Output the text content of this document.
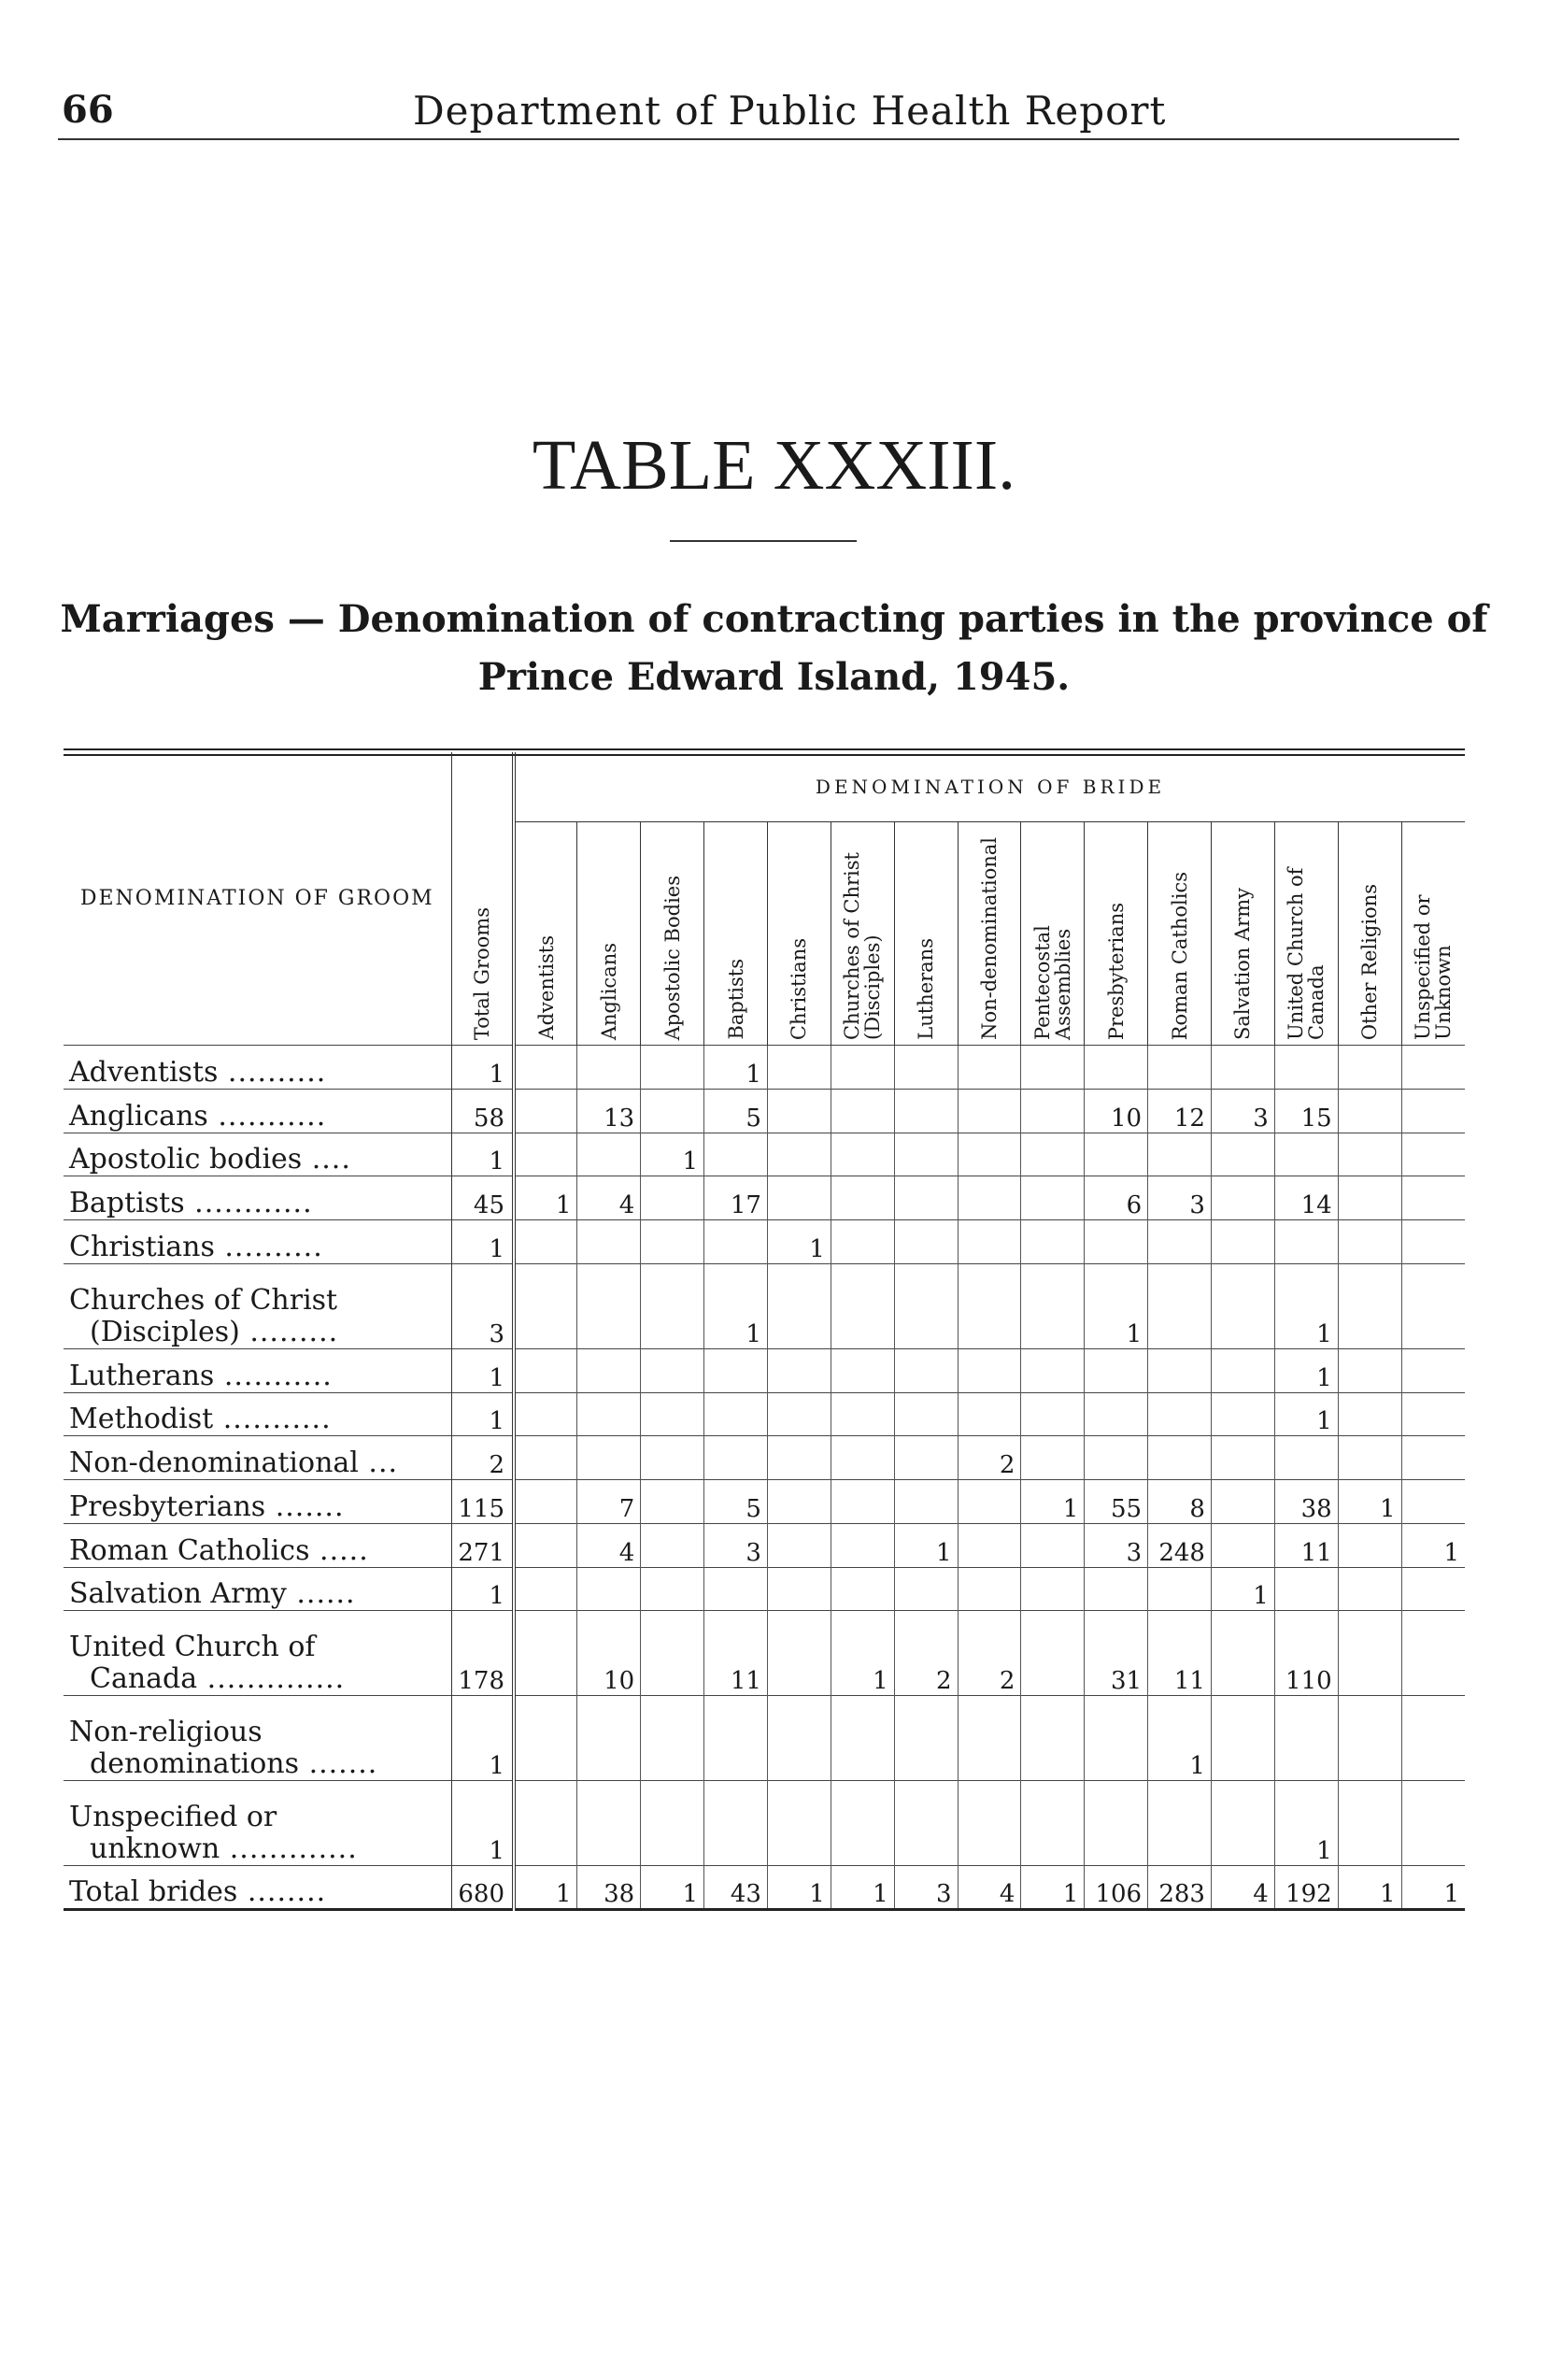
66	Department of Public Health Report
TABLE XXXIII.
Marriages — Denomination of contracting parties in the province of
Prince Edward Island, 1945.
DENOMINATION OF GROOM	Total Grooms	DENOMINATION OF BRIDE														
		Adventists	Anglicans	Apostolic Bodies	Baptists	Christians	Churches of Christ (Disciples)	Lutherans	Non-denominational	Pentecostal Assemblies	Presbyterians	Roman Catholics	Salvation Army	United Church of Canada	Other Religions	Unspecified or Unknown

Adventists ..........	1				1											

Anglicans ...........	58		13		5						10	12	3	15		

Apostolic bodies ....	1			1												

Baptists ............	45	1	4		17						6	3		14		

Christians ..........	1					1										

Churches of Christ
(Disciples) .........	3				1						1			1		

Lutherans ...........	1													1		

Methodist ...........	1													1		

Non-denominational ...	2								2							

Presbyterians .......	115		7		5					1	55	8		38	1	

Roman Catholics .....	271		4		3			1			3	248		11		1

Salvation Army ......	1												1			

United Church of
Canada ..............	178		10		11		1	2	2		31	11		110		

Non-religious
denominations .......	1											1				

Unspecified or
unknown .............	1													1		

Total brides ........	680	1	38	1	43	1	1	3	4	1	106	283	4	192	1	1
